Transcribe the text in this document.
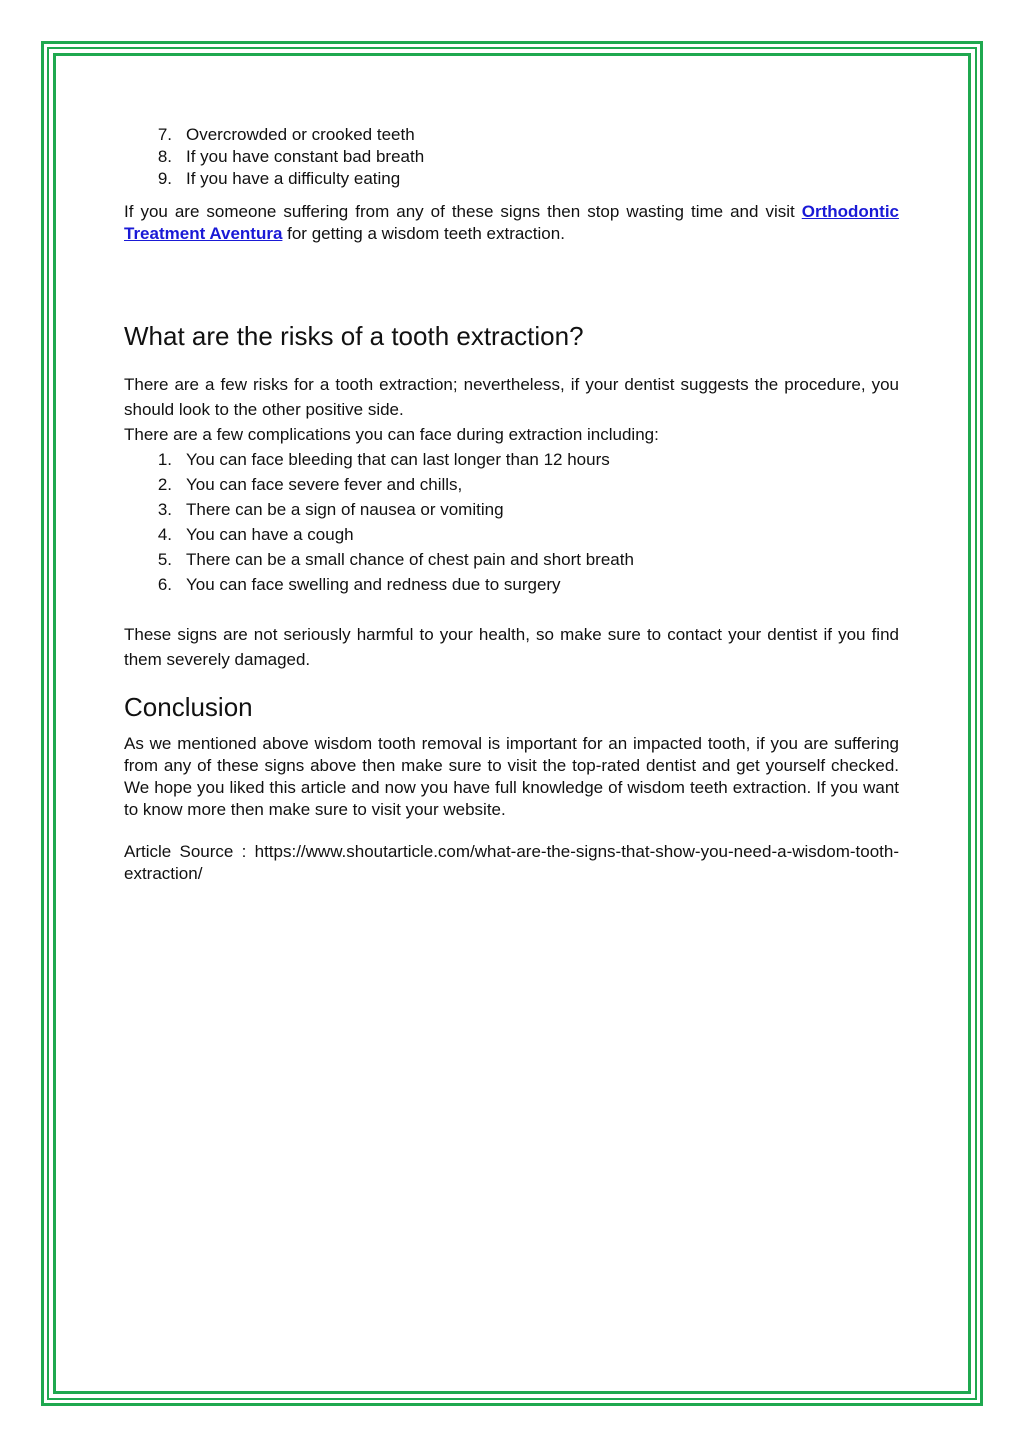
7. Overcrowded or crooked teeth
8. If you have constant bad breath
9. If you have a difficulty eating

If you are someone suffering from any of these signs then stop wasting time and visit Orthodontic Treatment Aventura for getting a wisdom teeth extraction.

What are the risks of a tooth extraction?

There are a few risks for a tooth extraction; nevertheless, if your dentist suggests the procedure, you should look to the other positive side.

There are a few complications you can face during extraction including:

1. You can face bleeding that can last longer than 12 hours
2. You can face severe fever and chills,
3. There can be a sign of nausea or vomiting
4. You can have a cough
5. There can be a small chance of chest pain and short breath
6. You can face swelling and redness due to surgery

These signs are not seriously harmful to your health, so make sure to contact your dentist if you find them severely damaged.

Conclusion

As we mentioned above wisdom tooth removal is important for an impacted tooth, if you are suffering from any of these signs above then make sure to visit the top-rated dentist and get yourself checked. We hope you liked this article and now you have full knowledge of wisdom teeth extraction. If you want to know more then make sure to visit your website.

Article Source : https://www.shoutarticle.com/what-are-the-signs-that-show-you-need-a-wisdom-tooth-extraction/
